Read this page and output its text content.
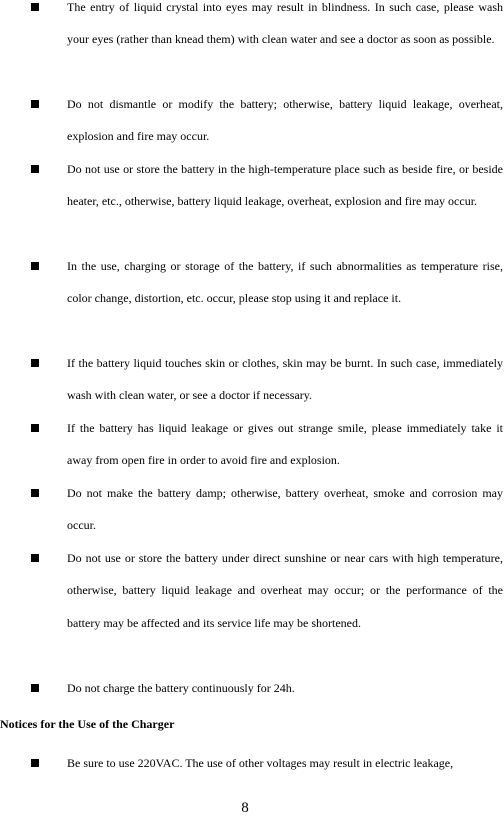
The entry of liquid crystal into eyes may result in blindness. In such case, please wash your eyes (rather than knead them) with clean water and see a doctor as soon as possible.
Do not dismantle or modify the battery; otherwise, battery liquid leakage, overheat, explosion and fire may occur.
Do not use or store the battery in the high-temperature place such as beside fire, or beside heater, etc., otherwise, battery liquid leakage, overheat, explosion and fire may occur.
In the use, charging or storage of the battery, if such abnormalities as temperature rise, color change, distortion, etc. occur, please stop using it and replace it.
If the battery liquid touches skin or clothes, skin may be burnt. In such case, immediately wash with clean water, or see a doctor if necessary.
If the battery has liquid leakage or gives out strange smile, please immediately take it away from open fire in order to avoid fire and explosion.
Do not make the battery damp; otherwise, battery overheat, smoke and corrosion may occur.
Do not use or store the battery under direct sunshine or near cars with high temperature, otherwise, battery liquid leakage and overheat may occur; or the performance of the battery may be affected and its service life may be shortened.
Do not charge the battery continuously for 24h.
Notices for the Use of the Charger
Be sure to use 220VAC. The use of other voltages may result in electric leakage,
8
